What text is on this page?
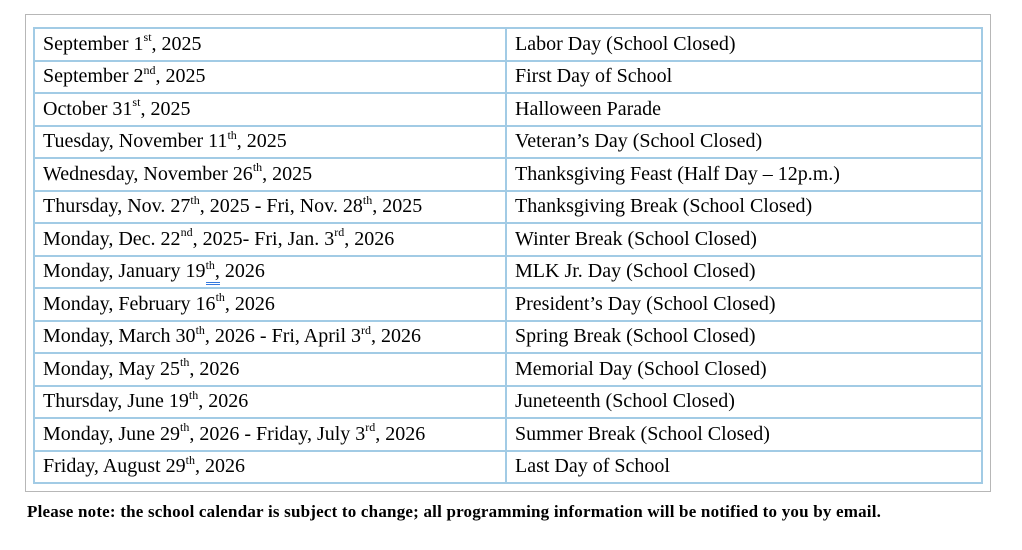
September 1st, 2025	Labor Day (School Closed)
September 2nd, 2025	First Day of School
October 31st, 2025	Halloween Parade
Tuesday, November 11th, 2025	Veteran’s Day (School Closed)
Wednesday, November 26th, 2025	Thanksgiving Feast (Half Day – 12p.m.)
Thursday, Nov. 27th, 2025 - Fri, Nov. 28th, 2025	Thanksgiving Break (School Closed)
Monday, Dec. 22nd, 2025- Fri, Jan. 3rd, 2026	Winter Break (School Closed)
Monday, January 19th, 2026	MLK Jr. Day (School Closed)
Monday, February 16th, 2026	President’s Day (School Closed)
Monday, March 30th, 2026 - Fri, April 3rd, 2026	Spring Break (School Closed)
Monday, May 25th, 2026	Memorial Day (School Closed)
Thursday, June 19th, 2026	Juneteenth (School Closed)
Monday, June 29th, 2026 - Friday, July 3rd, 2026	Summer Break (School Closed)
Friday, August 29th, 2026	Last Day of School

Please note: the school calendar is subject to change; all programming information will be notified to you by email.
